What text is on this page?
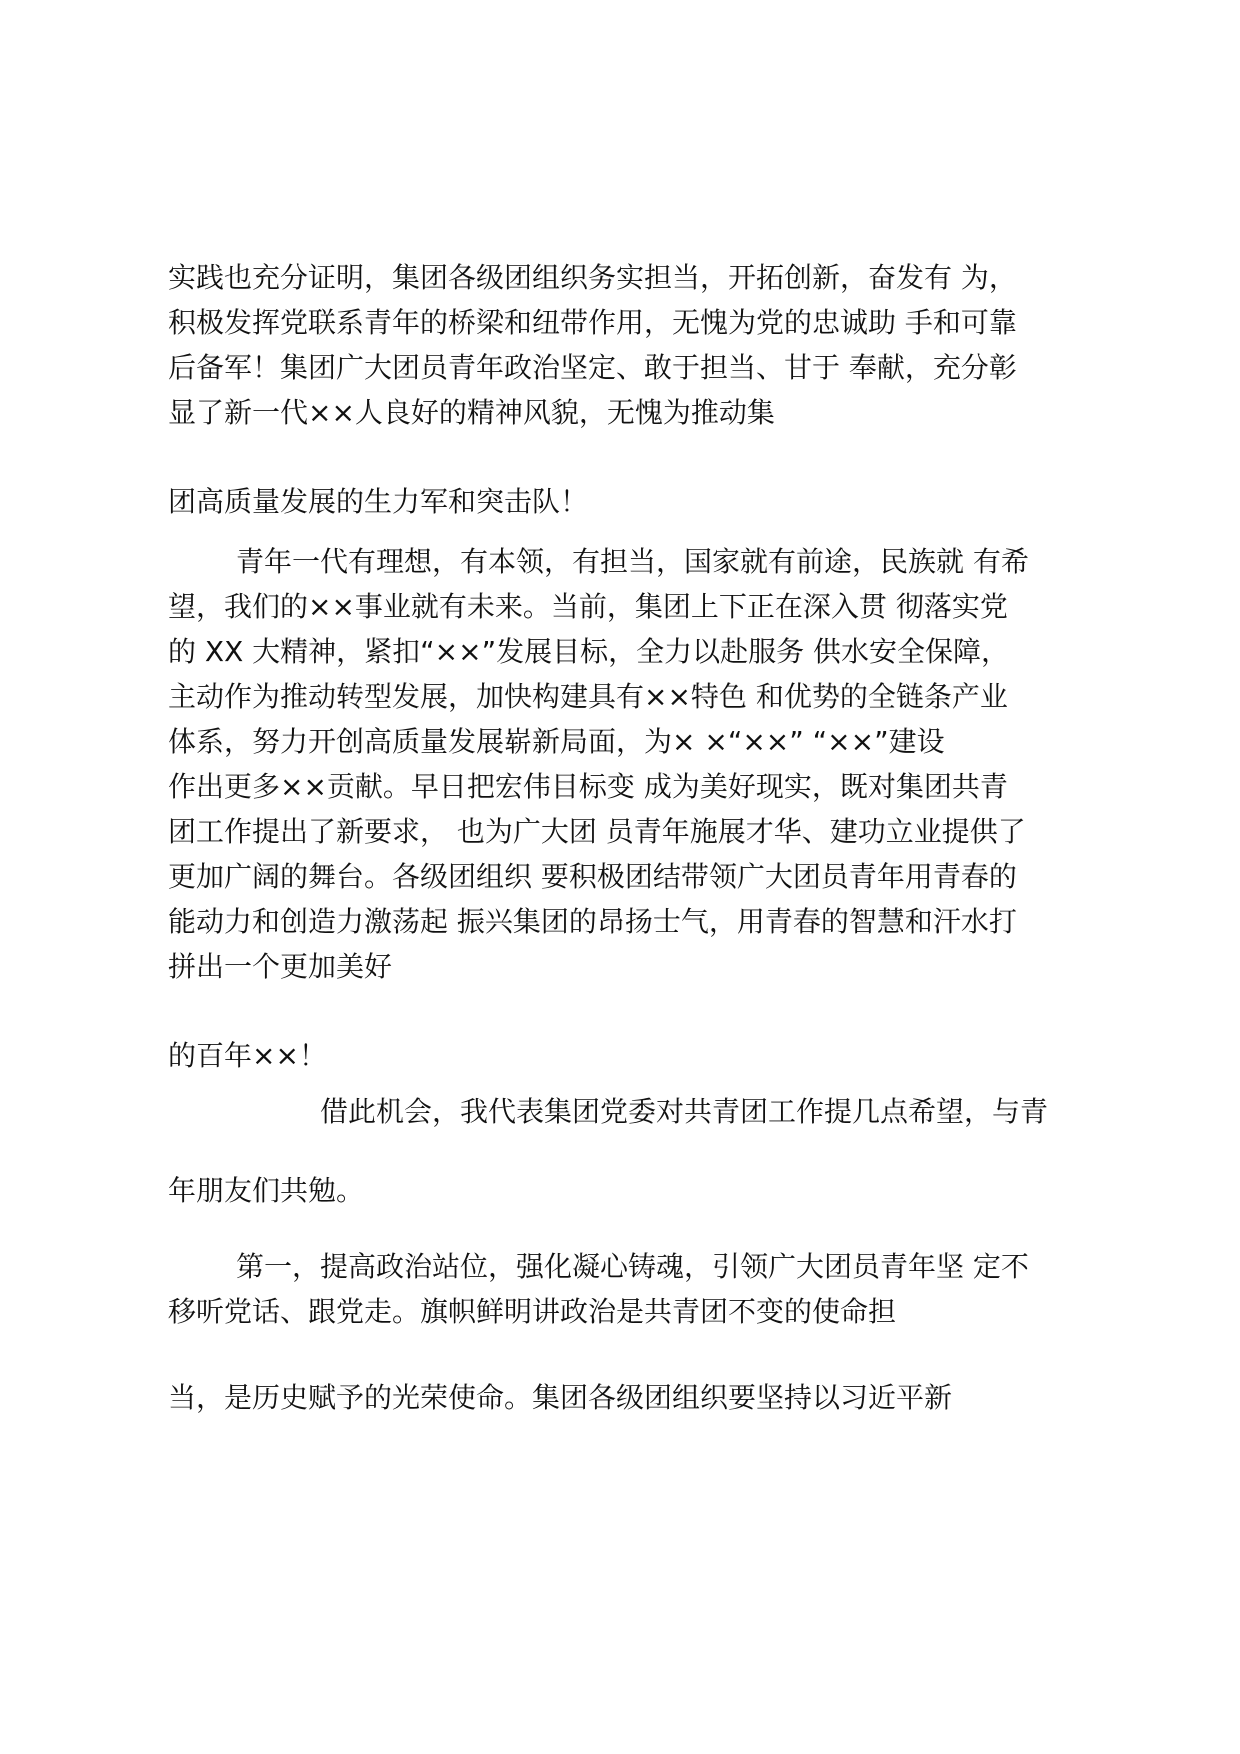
实践也充分证明，集团各级团组织务实担当，开拓创新，奋发有 为，

积极发挥党联系青年的桥梁和纽带作用，无愧为党的忠诚助 手和可靠

后备军！集团广大团员青年政治坚定、敢于担当、甘于 奉献，充分彰

显了新一代××人良好的精神风貌，无愧为推动集

团高质量发展的生力军和突击队！

青年一代有理想，有本领，有担当，国家就有前途，民族就 有希

望，我们的××事业就有未来。当前，集团上下正在深入贯 彻落实党

的 XX 大精神，紧扣“××”发展目标，全力以赴服务 供水安全保障，

主动作为推动转型发展，加快构建具有××特色 和优势的全链条产业

体系，努力开创高质量发展崭新局面，为× ×“××” “××”建设

作出更多××贡献。早日把宏伟目标变 成为美好现实，既对集团共青

团工作提出了新要求， 也为广大团 员青年施展才华、建功立业提供了

更加广阔的舞台。各级团组织 要积极团结带领广大团员青年用青春的

能动力和创造力激荡起 振兴集团的昂扬士气，用青春的智慧和汗水打

拼出一个更加美好

的百年××！

借此机会，我代表集团党委对共青团工作提几点希望，与青

年朋友们共勉。

第一，提高政治站位，强化凝心铸魂，引领广大团员青年坚 定不

移听党话、跟党走。旗帜鲜明讲政治是共青团不变的使命担

当，是历史赋予的光荣使命。集团各级团组织要坚持以习近平新
